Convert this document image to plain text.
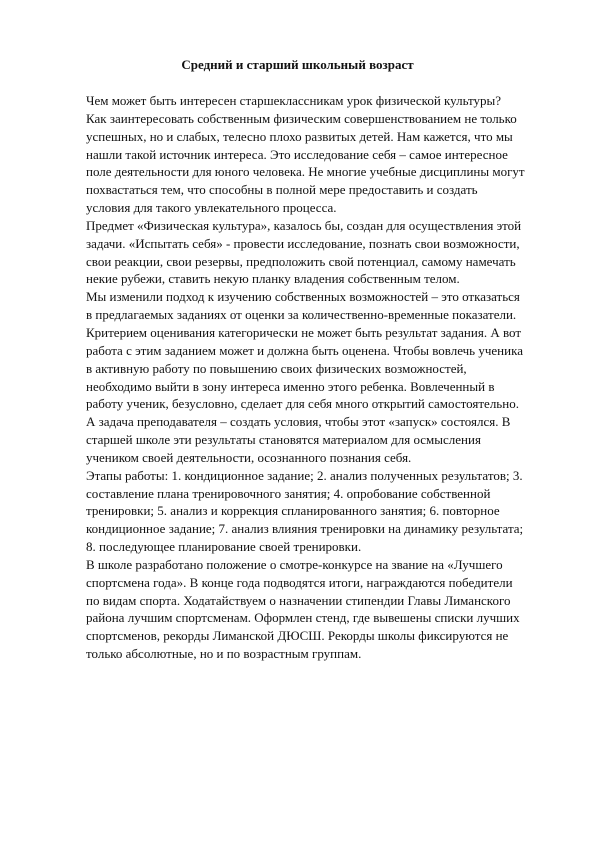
Средний и старший школьный возраст

Чем может быть интересен старшеклассникам урок физической культуры?
Как заинтересовать собственным физическим совершенствованием не только
успешных, но и слабых, телесно плохо развитых детей. Нам кажется, что мы
нашли такой источник интереса. Это исследование себя – самое интересное
поле деятельности для юного человека. Не многие учебные дисциплины могут
похвастаться тем, что способны в полной мере предоставить и создать
условия для такого увлекательного процесса.

Предмет «Физическая культура», казалось бы, создан для осуществления этой
задачи. «Испытать себя» - провести исследование, познать свои возможности,
свои реакции, свои резервы, предположить свой потенциал, самому намечать
некие рубежи, ставить некую планку владения собственным телом.

Мы изменили подход к изучению собственных возможностей – это отказаться
в предлагаемых заданиях от оценки за количественно-временные показатели.
Критерием оценивания категорически не может быть результат задания. А вот
работа с этим заданием может и должна быть оценена. Чтобы вовлечь ученика
в активную работу по повышению своих физических возможностей,
необходимо выйти в зону интереса именно этого ребенка. Вовлеченный в
работу ученик, безусловно, сделает для себя много открытий самостоятельно.
А задача преподавателя – создать условия, чтобы этот «запуск» состоялся. В
старшей школе эти результаты становятся материалом для осмысления
учеником своей деятельности, осознанного познания себя.

Этапы работы: 1. кондиционное задание; 2. анализ полученных результатов; 3.
составление плана тренировочного занятия; 4. опробование собственной
тренировки; 5. анализ и коррекция спланированного занятия; 6. повторное
кондиционное задание; 7. анализ влияния тренировки на динамику результата;
8. последующее планирование своей тренировки.

В школе разработано положение о смотре-конкурсе на звание на «Лучшего
спортсмена года». В конце года подводятся итоги, награждаются победители
по видам спорта. Ходатайствуем о назначении стипендии Главы Лиманского
района лучшим спортсменам. Оформлен стенд, где вывешены списки лучших
спортсменов, рекорды Лиманской ДЮСШ. Рекорды школы фиксируются не
только абсолютные, но и по возрастным группам.
